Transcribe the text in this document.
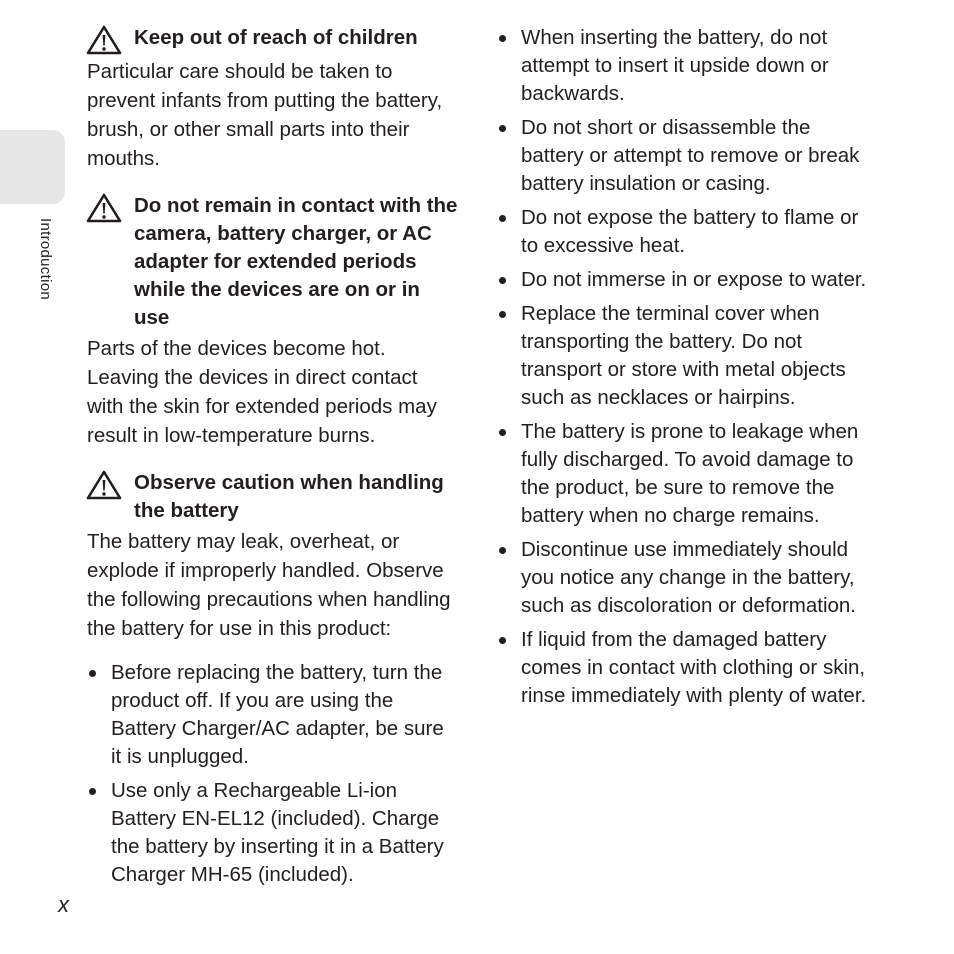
Introduction
Keep out of reach of children

Particular care should be taken to prevent infants from putting the battery, brush, or other small parts into their mouths.

Do not remain in contact with the camera, battery charger, or AC adapter for extended periods while the devices are on or in use

Parts of the devices become hot. Leaving the devices in direct contact with the skin for extended periods may result in low-temperature burns.

Observe caution when handling the battery

The battery may leak, overheat, or explode if improperly handled. Observe the following precautions when handling the battery for use in this product:

Before replacing the battery, turn the product off. If you are using the Battery Charger/AC adapter, be sure it is unplugged.
Use only a Rechargeable Li-ion Battery EN-EL12 (included). Charge the battery by inserting it in a Battery Charger MH-65 (included).
When inserting the battery, do not attempt to insert it upside down or backwards.
Do not short or disassemble the battery or attempt to remove or break battery insulation or casing.
Do not expose the battery to flame or to excessive heat.
Do not immerse in or expose to water.
Replace the terminal cover when transporting the battery. Do not transport or store with metal objects such as necklaces or hairpins.
The battery is prone to leakage when fully discharged. To avoid damage to the product, be sure to remove the battery when no charge remains.
Discontinue use immediately should you notice any change in the battery, such as discoloration or deformation.
If liquid from the damaged battery comes in contact with clothing or skin, rinse immediately with plenty of water.
x
